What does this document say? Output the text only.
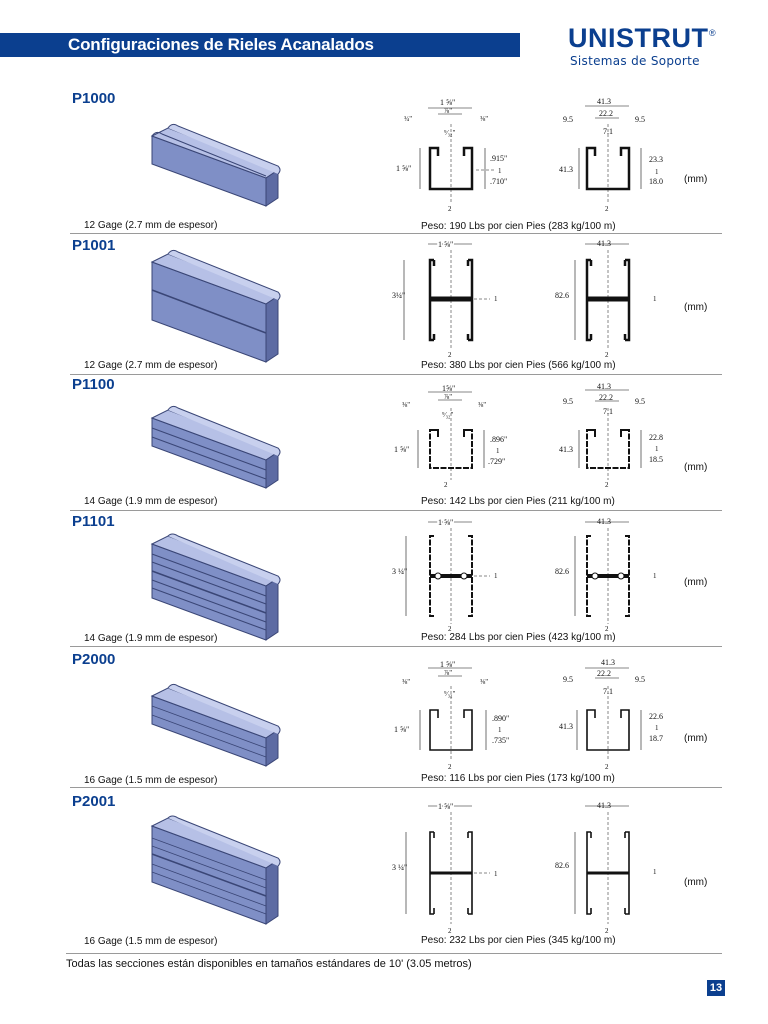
Configuraciones de Rieles Acanalados	UNISTRUT ®
Sistemas de Soporte
P1000	1 ⅝"
⅞"
⁹⁄₃₂"
¾"	⅜"
1 ⅝"
.915"
1
.710"
2
41.3
22.2
7.1
9.5	9.5
41.3
23.3
1
18.0
2
(mm)
12 Gage (2.7 mm de espesor)	Peso: 190 Lbs por cien Pies (283 kg/100 m)
P1001	1 ⅝"
3¼"	1
2
41.3
82.6	1
2
(mm)
12 Gage (2.7 mm de espesor)	Peso: 380 Lbs por cien Pies (566 kg/100 m)
P1100	1⅝"
⅞"
⁹⁄₃₂"
⅜"	⅜"
1 ⅝"
.896"
1
.729"
2
41.3
22.2
7.1
9.5	9.5
41.3
22.8
1
18.5
2
(mm)
14 Gage (1.9 mm de espesor)	Peso: 142 Lbs por cien Pies (211 kg/100 m)
P1101	1 ⅝"
3 ¼"	1
2
41.3
82.6	1
2
(mm)
14 Gage (1.9 mm de espesor)	Peso: 284 Lbs por cien Pies (423 kg/100 m)
P2000	1 ⅝"
⅞"
⁹⁄₃₂"
⅜"	⅜"
1 ⅝"
.890"
1
.735"
2
41.3
22.2
7.1
9.5	9.5
41.3
22.6
1
18.7
2
(mm)
16 Gage (1.5 mm de espesor)	Peso: 116 Lbs por cien Pies (173 kg/100 m)
P2001	1 ⅝"
3 ¼"
1
2
41.3
82.6
1
2
(mm)
16 Gage (1.5 mm de espesor)	Peso: 232 Lbs por cien Pies (345 kg/100 m)
Todas las secciones están disponibles en tamaños estándares de 10' (3.05 metros)
13
